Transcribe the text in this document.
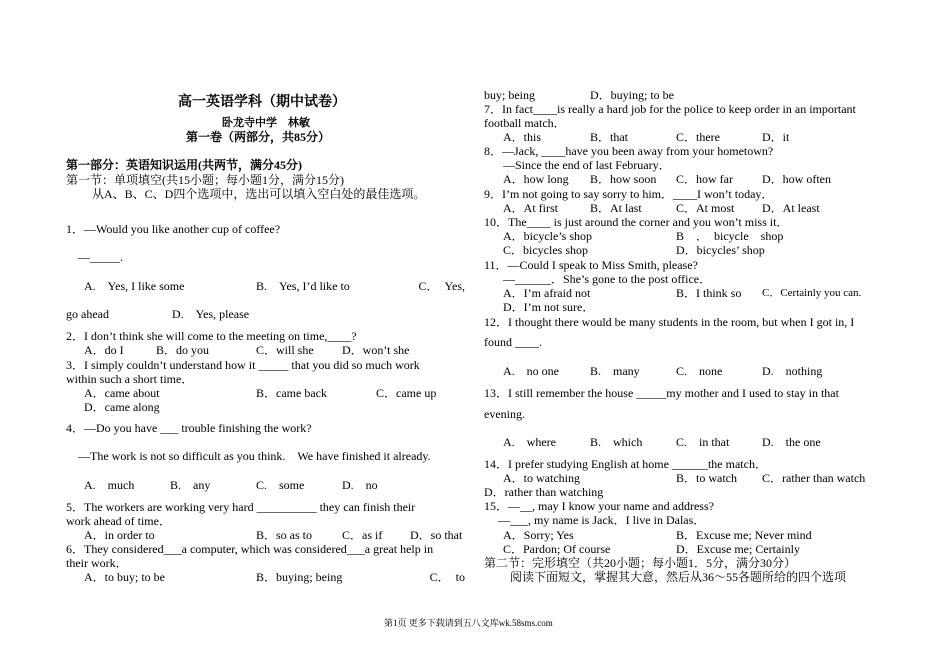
高一英语学科（期中试卷）
卧龙寺中学　林敏
第一卷（两部分，共85分）
第一部分：英语知识运用(共两节，满分45分)
第一节：单项填空(共15小题；每小题1分，满分15分)
从A、B、C、D四个选项中，选出可以填入空白处的最佳选项。
1．—Would you like another cup of coffee?
—_____.
A.　Yes, I like some	B.　Yes, I’d like to	C．　Yes,
go ahead	D.　Yes, please
2．I don’t think she will come to the meeting on time,____?
A．do I	B．do you	C．will she D．won’t she
3．I simply couldn’t understand how it _____ that you did so much work
within such a short time．
A．came about	B．came back	C．came up
D．came along
4．—Do you have ___ trouble finishing the work?
—The work is not so difficult as you think.　We have finished it already.
A.　much	B.　any	C.　some	D.　no
5．The workers are working very hard __________ they can finish their
work ahead of time．
A．in order to	B．so as to C．as if D．so that
6．They considered___a computer, which was considered___a great help in
their work．
A．to buy; to be	B．buying; being	C．　to
buy; being	D．buying; to be
7．In fact____is really a hard job for the police to keep order in an important
football match．
A．this	B．that	C．there	D．it
8．—Jack, ____have you been away from your hometown?
—Since the end of last February．
A．how long B．how soon C．how far D．how often
9．I’m not going to say sorry to him．____I won’t today．
A．At first	B．At last	C．At most D．At least
10．The____ is just around the corner and you won’t miss it．
A．bicycle’s shop	B　．　bicycle　shop
C．bicycles shop	D．bicycles’ shop
11．—Could I speak to Miss Smith, please?
—______．She’s gone to the post office．
A．I’m afraid not	B．I think so C．Certainly you can.
D．I’m not sure．
12．I thought there would be many students in the room, but when I got in, I
found ____.
A.　no one	B.　many	C.　none	D.　nothing
13．I still remember the house _____my mother and I used to stay in that
evening.
A.　where	B.　which	C.　in that	D.　the one
14．I prefer studying English at home ______the match．
A．to watching	B．to watch C．rather than watch
D．rather than watching
15．—__, may I know your name and address?
—___, my name is Jack．I live in Dalas．
A．Sorry; Yes	B．Excuse me; Never mind
C．Pardon; Of course	D．Excuse me; Certainly
第二节：完形填空（共20小题；每小题1．5分，满分30分）
阅读下面短文，掌握其大意，然后从36～55各题所给的四个选项
第1页 更多下载请到五八文库wk.58sms.com
